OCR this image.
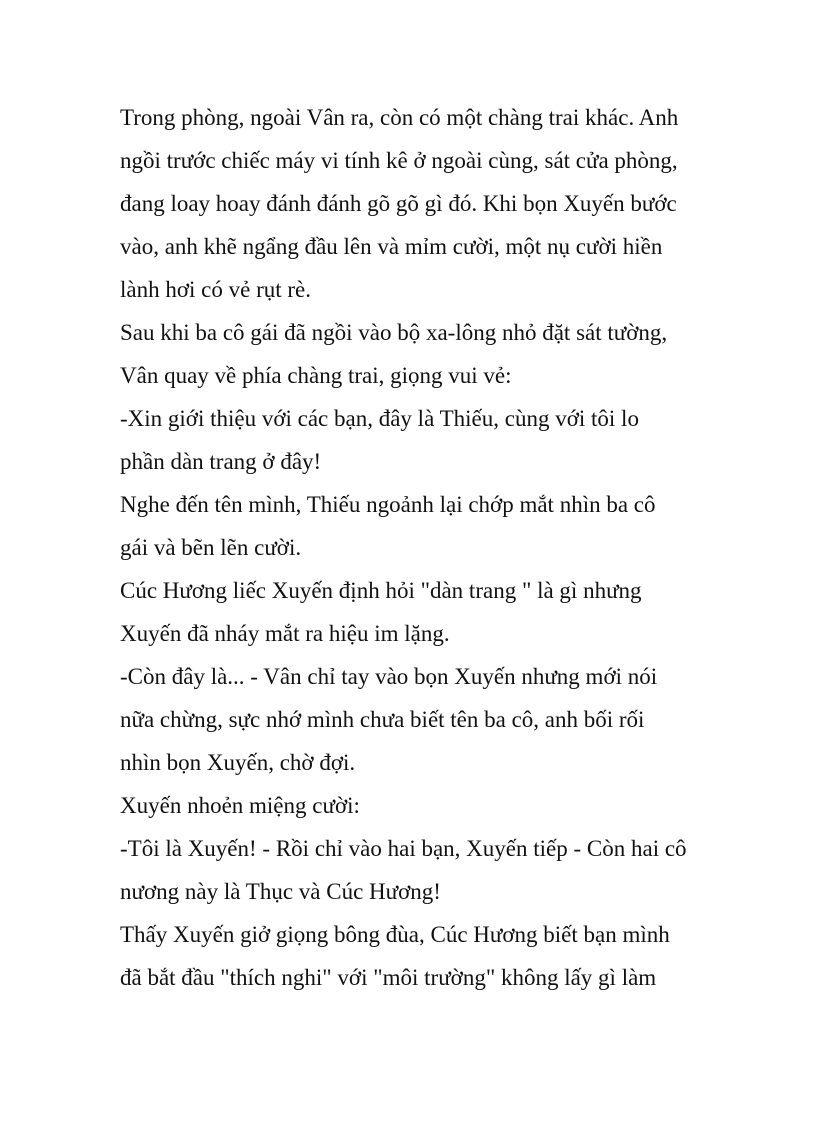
Trong phòng, ngoài Vân ra, còn có một chàng trai khác. Anh
ngồi trước chiếc máy vi tính kê ở ngoài cùng, sát cửa phòng,
đang loay hoay đánh đánh gõ gõ gì đó. Khi bọn Xuyến bước
vào, anh khẽ ngẩng đầu lên và mỉm cười, một nụ cười hiền
lành hơi có vẻ rụt rè.
Sau khi ba cô gái đã ngồi vào bộ xa-lông nhỏ đặt sát tường,
Vân quay về phía chàng trai, giọng vui vẻ:
-Xin giới thiệu với các bạn, đây là Thiếu, cùng với tôi lo
phần dàn trang ở đây!
Nghe đến tên mình, Thiếu ngoảnh lại chớp mắt nhìn ba cô
gái và bẽn lẽn cười.
Cúc Hương liếc Xuyến định hỏi "dàn trang " là gì nhưng
Xuyến đã nháy mắt ra hiệu im lặng.
-Còn đây là... - Vân chỉ tay vào bọn Xuyến nhưng mới nói
nữa chừng, sực nhớ mình chưa biết tên ba cô, anh bối rối
nhìn bọn Xuyến, chờ đợi.
Xuyến nhoẻn miệng cười:
-Tôi là Xuyến! - Rồi chỉ vào hai bạn, Xuyến tiếp - Còn hai cô
nương này là Thục và Cúc Hương!
Thấy Xuyến giở giọng bông đùa, Cúc Hương biết bạn mình
đã bắt đầu "thích nghi" với "môi trường" không lấy gì làm
